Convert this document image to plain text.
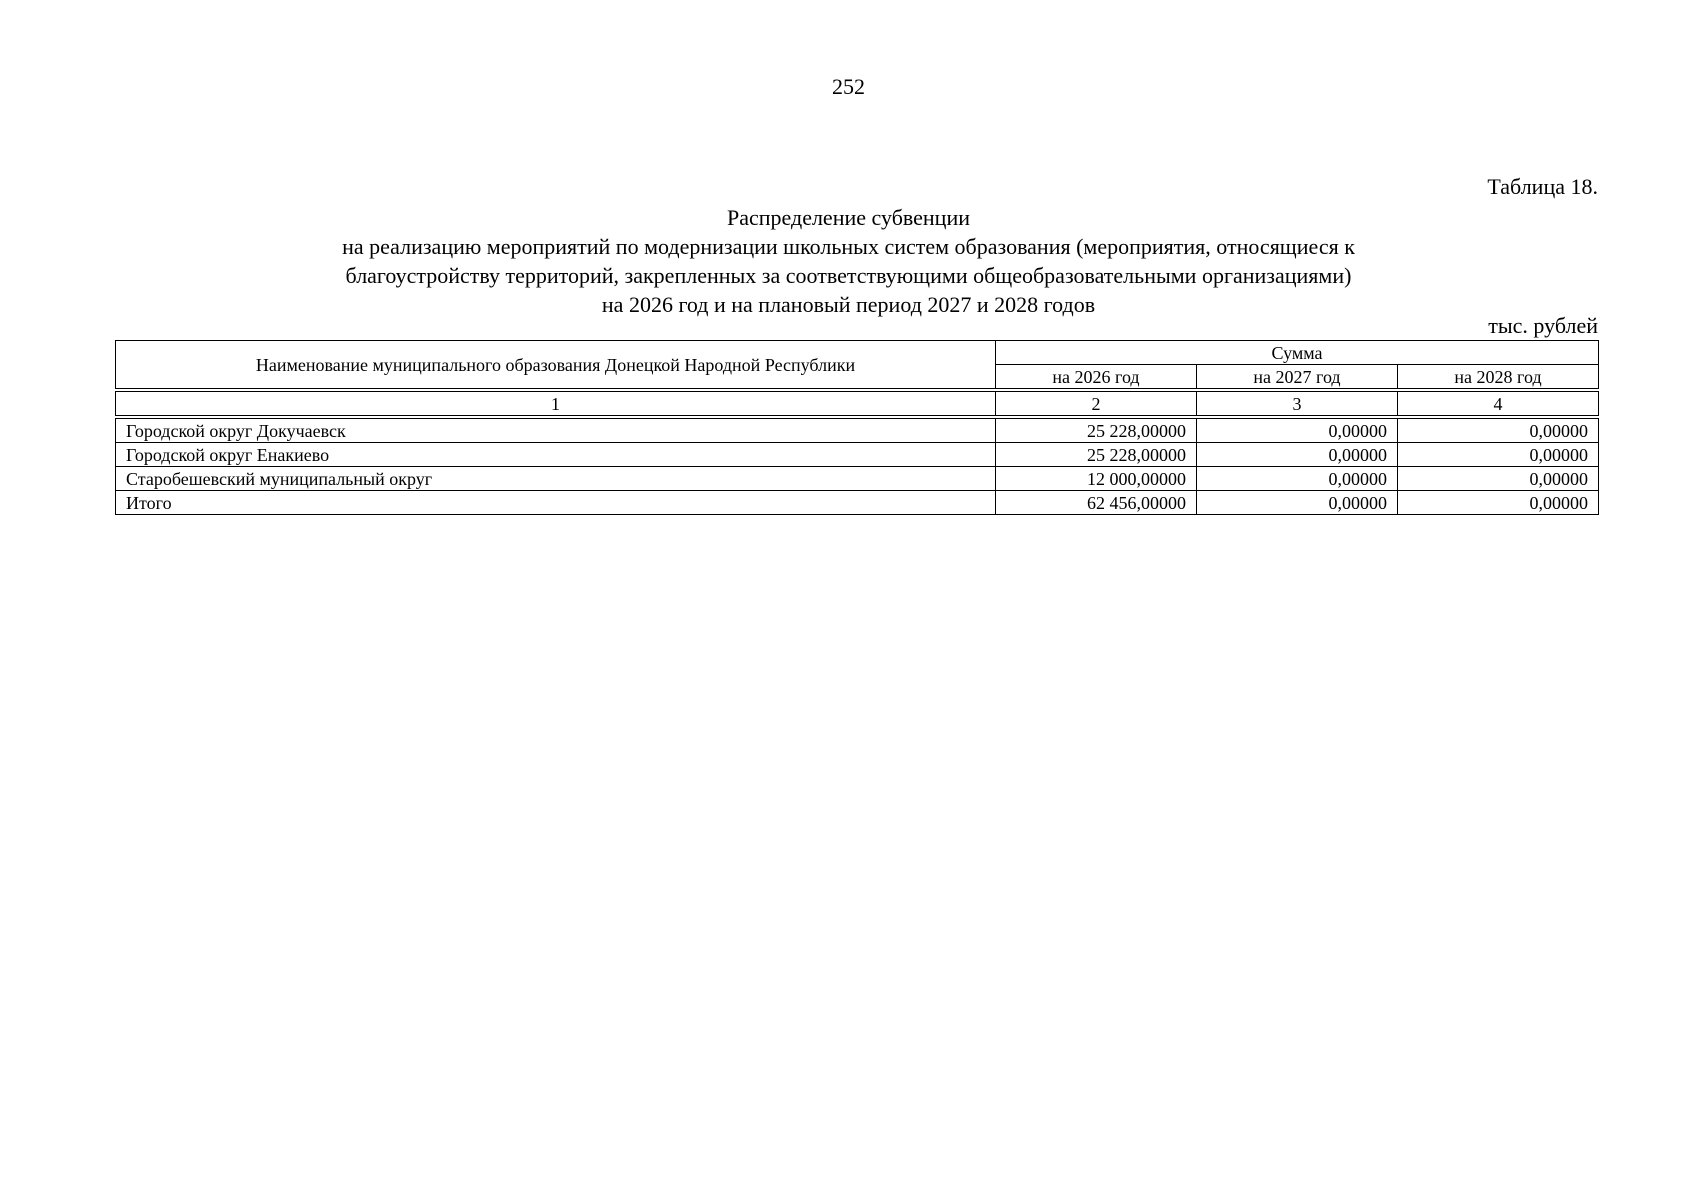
252
Таблица 18.
Распределение субвенции
на реализацию мероприятий по модернизации школьных систем образования (мероприятия, относящиеся к
благоустройству территорий, закрепленных за соответствующими общеобразовательными организациями)
на 2026 год и на плановый период 2027 и 2028 годов
тыс. рублей
Наименование муниципального образования Донецкой Народной Республики	Сумма		
	на 2026 год	на 2027 год	на 2028 год
1	2	3	4
Городской округ Докучаевск	25 228,00000	0,00000	0,00000
Городской округ Енакиево	25 228,00000	0,00000	0,00000
Старобешевский муниципальный округ	12 000,00000	0,00000	0,00000
Итого	62 456,00000	0,00000	0,00000
